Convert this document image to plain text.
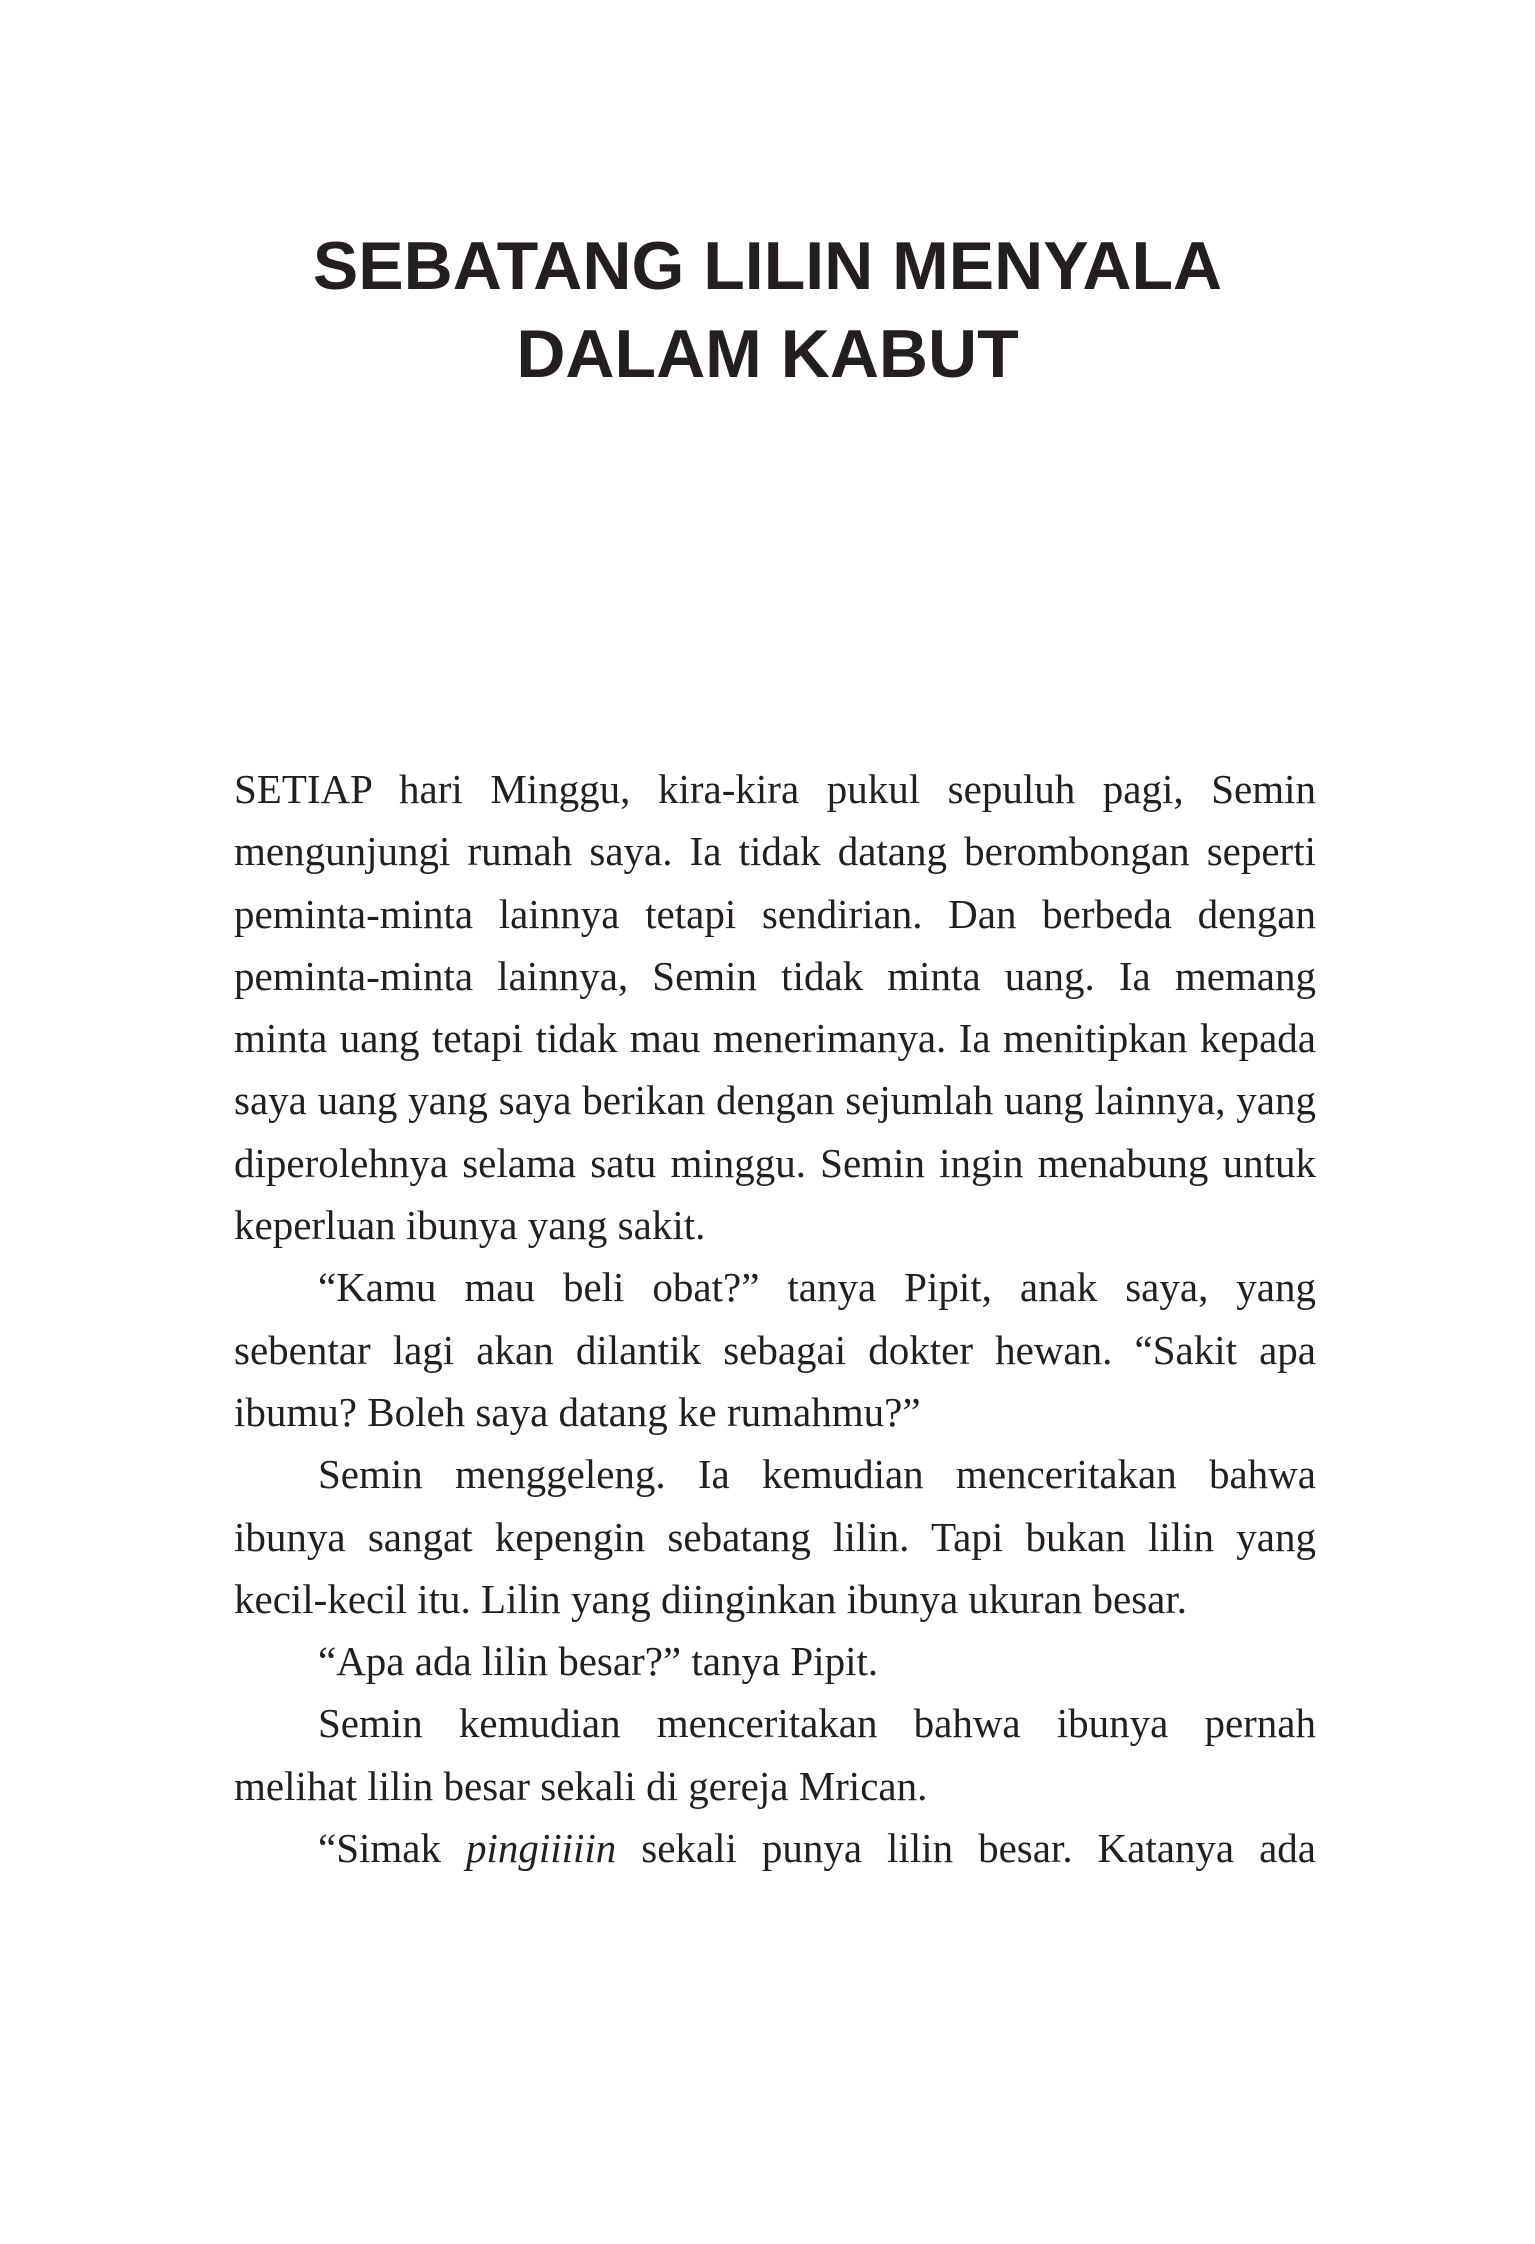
SEBATANG LILIN MENYALA
DALAM KABUT

SETIAP hari Minggu, kira-kira pukul sepuluh pagi, Semin mengunjungi rumah saya. Ia tidak datang berombongan seperti peminta-minta lainnya tetapi sendirian. Dan berbeda dengan peminta-minta lainnya, Semin tidak minta uang. Ia memang minta uang tetapi tidak mau menerimanya. Ia menitipkan kepada saya uang yang saya berikan dengan sejumlah uang lainnya, yang diperolehnya selama satu minggu. Semin ingin menabung untuk keperluan ibunya yang sakit.

“Kamu mau beli obat?” tanya Pipit, anak saya, yang sebentar lagi akan dilantik sebagai dokter hewan. “Sakit apa ibumu? Boleh saya datang ke rumahmu?”

Semin menggeleng. Ia kemudian menceritakan bahwa ibunya sangat kepengin sebatang lilin. Tapi bukan lilin yang kecil-kecil itu. Lilin yang diinginkan ibunya ukuran besar.

“Apa ada lilin besar?” tanya Pipit.

Semin kemudian menceritakan bahwa ibunya pernah melihat lilin besar sekali di gereja Mrican.

“Simak pingiiiiin sekali punya lilin besar. Katanya ada
